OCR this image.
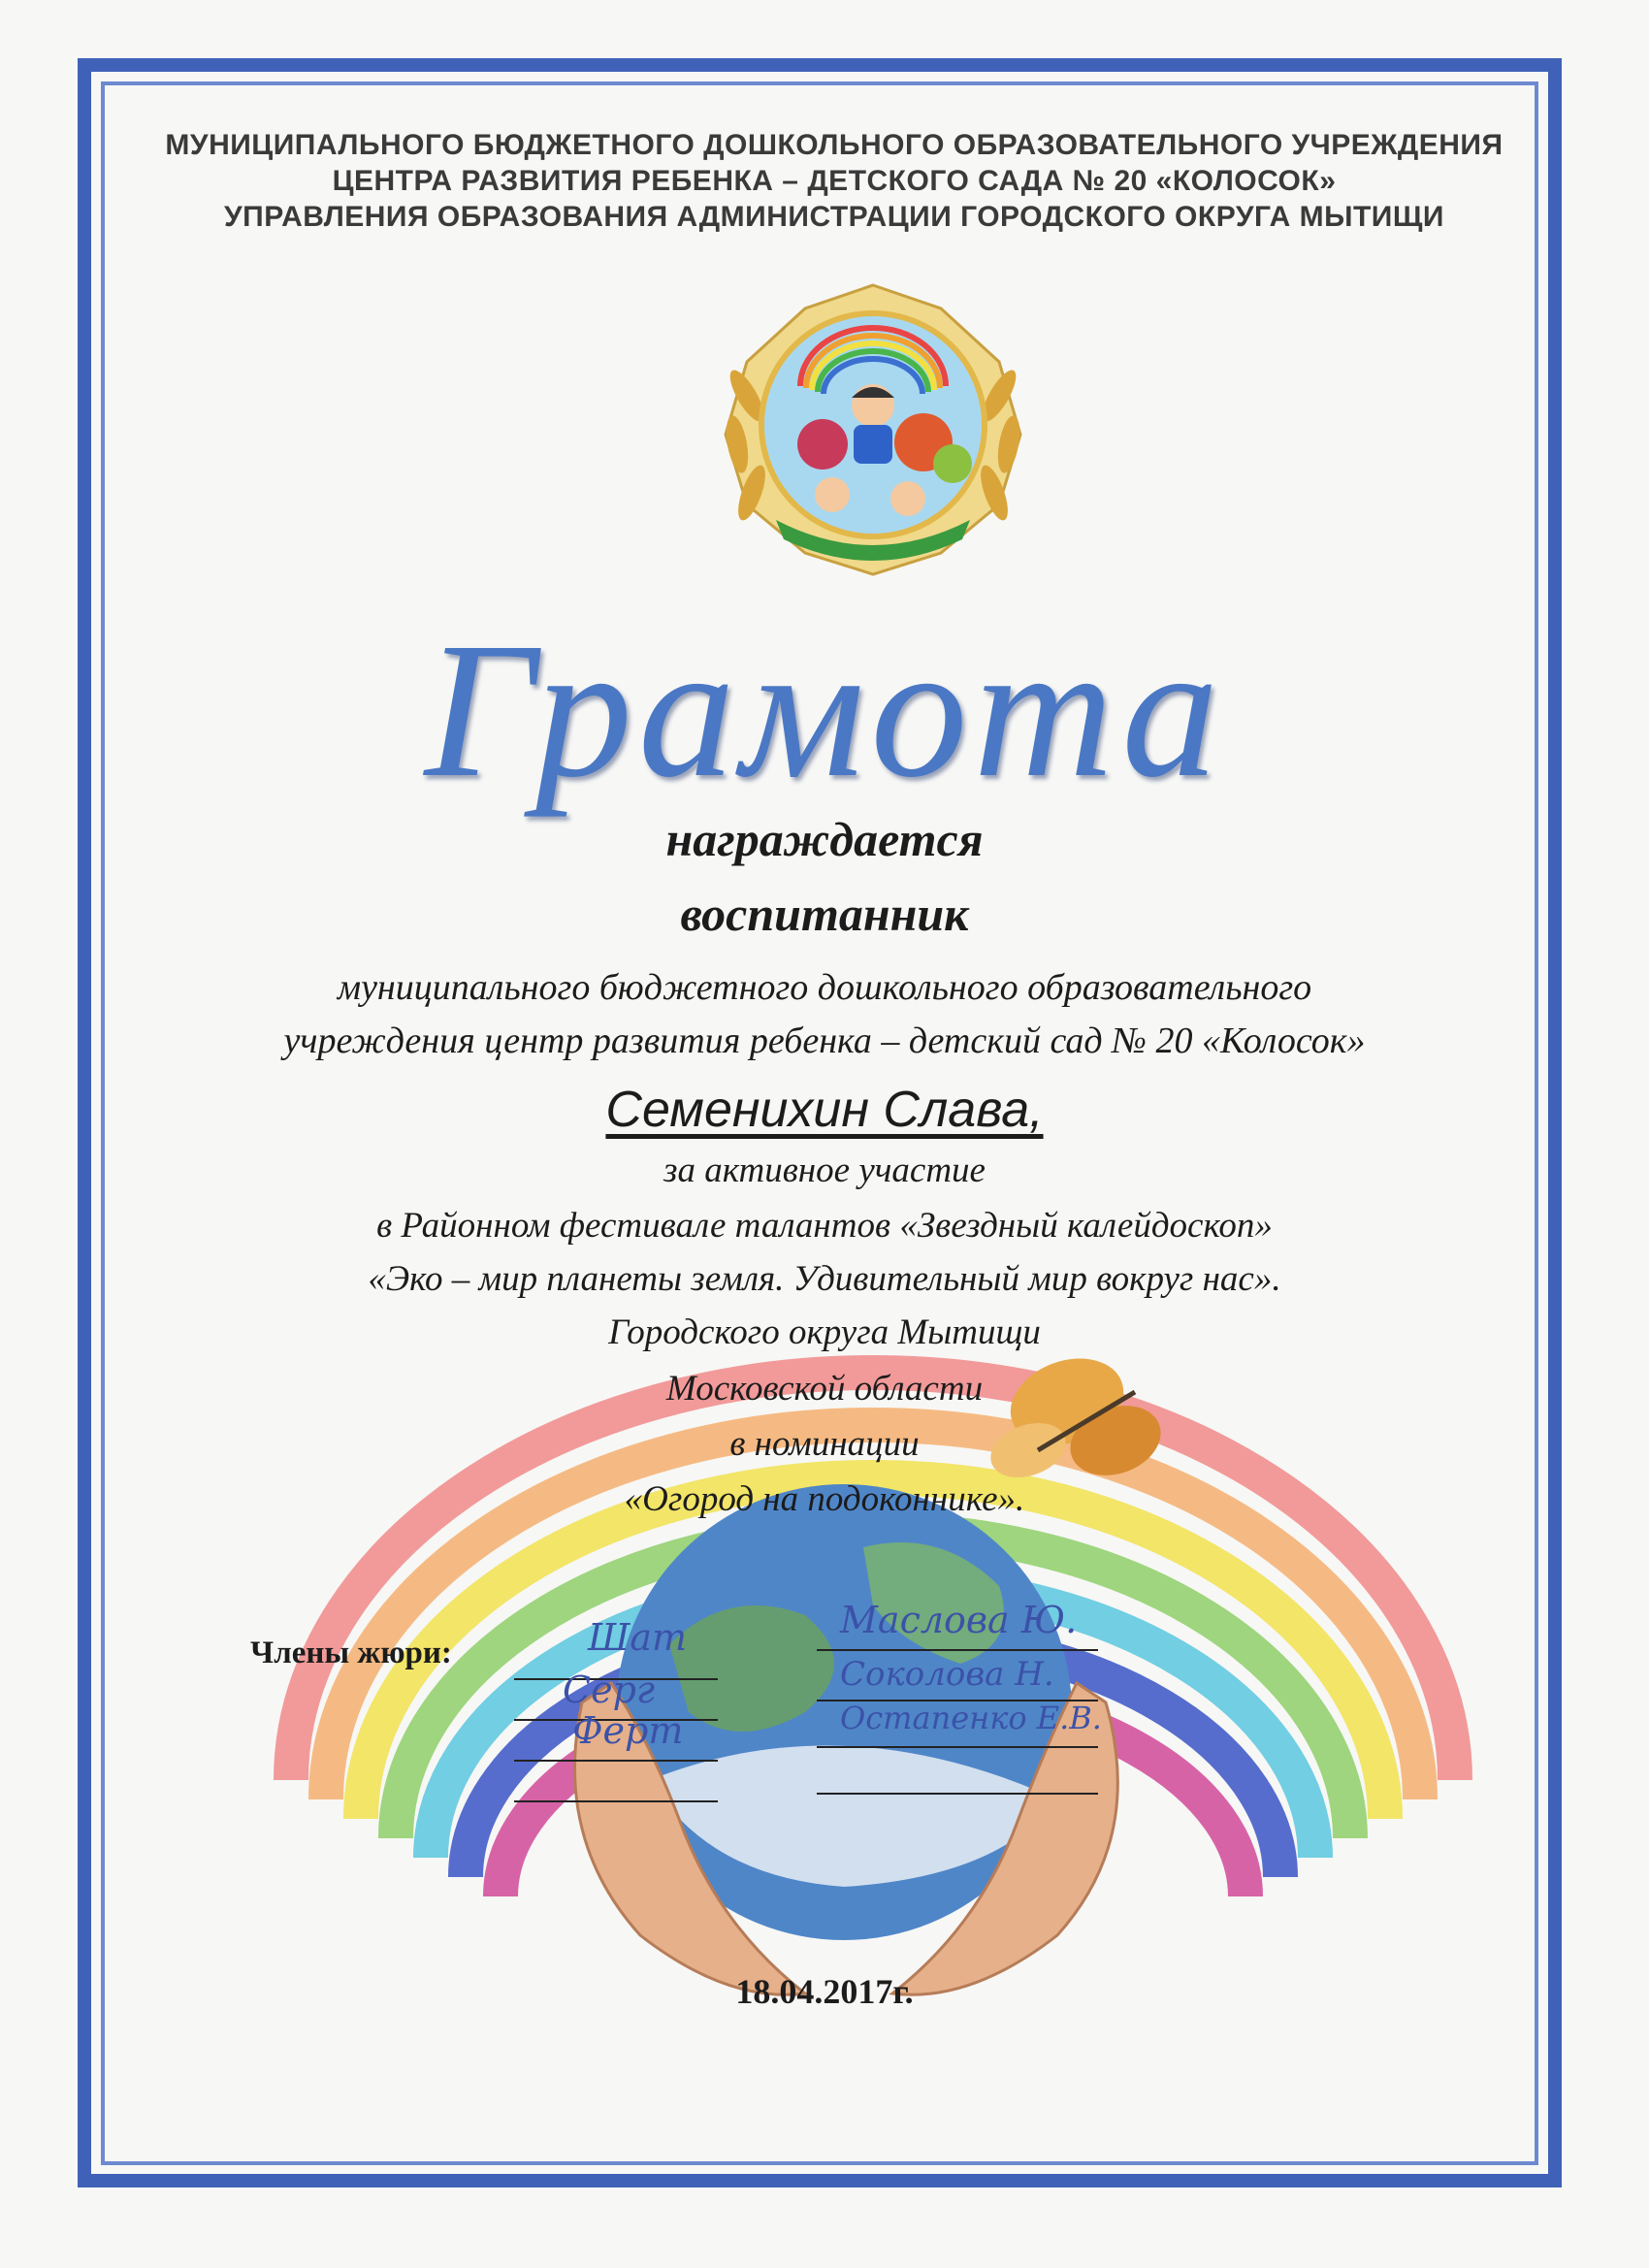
МУНИЦИПАЛЬНОГО БЮДЖЕТНОГО ДОШКОЛЬНОГО ОБРАЗОВАТЕЛЬНОГО УЧРЕЖДЕНИЯ
ЦЕНТРА РАЗВИТИЯ РЕБЕНКА – ДЕТСКОГО САДА № 20 «КОЛОСОК»
УПРАВЛЕНИЯ ОБРАЗОВАНИЯ АДМИНИСТРАЦИИ ГОРОДСКОГО ОКРУГА МЫТИЩИ
Грамота
награждается
воспитанник
муниципального бюджетного дошкольного образовательного
учреждения центр развития ребенка – детский сад № 20 «Колосок»
Семенихин Слава,
за активное участие
в Районном фестивале талантов «Звездный калейдоскоп»
«Эко – мир планеты земля. Удивительный мир вокруг нас».
Городского округа Мытищи
Московской области
в номинации
«Огород на подоконнике».
Члены жюри:	Шат
Серг
Ферт
Маслова Ю.
Соколова Н.
Остапенко Е.В.
18.04.2017г.
